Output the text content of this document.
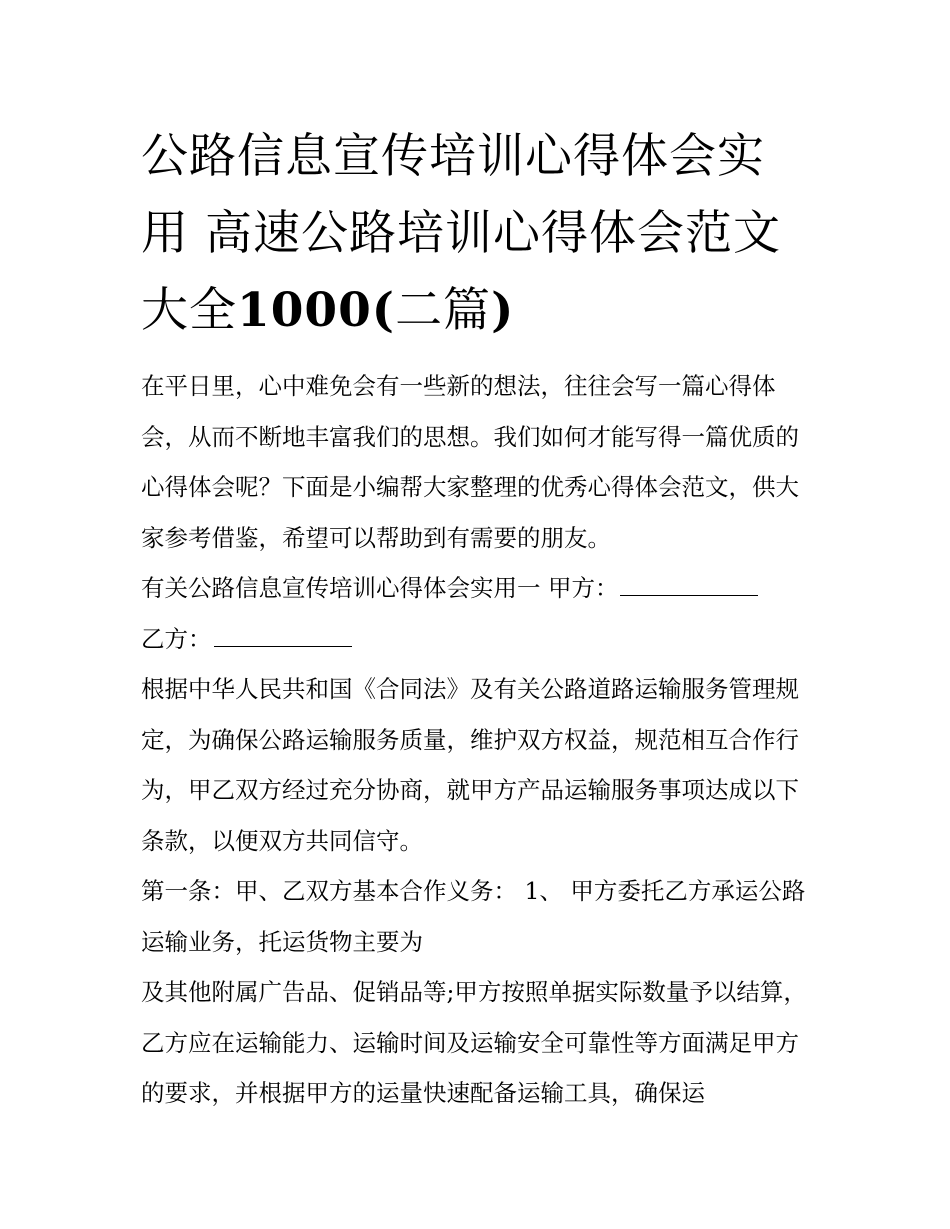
公路信息宣传培训心得体会实
用 高速公路培训心得体会范文
大全1000(二篇)

在平日里，心中难免会有一些新的想法，往往会写一篇心得体会，从而不断地丰富我们的思想。我们如何才能写得一篇优质的心得体会呢？下面是小编帮大家整理的优秀心得体会范文，供大家参考借鉴，希望可以帮助到有需要的朋友。

有关公路信息宣传培训心得体会实用一 甲方：

乙方：

根据中华人民共和国《合同法》及有关公路道路运输服务管理规定，为确保公路运输服务质量，维护双方权益，规范相互合作行为，甲乙双方经过充分协商，就甲方产品运输服务事项达成以下条款，以便双方共同信守。

第一条：甲、乙双方基本合作义务： 1、 甲方委托乙方承运公路运输业务，托运货物主要为

及其他附属广告品、促销品等;甲方按照单据实际数量予以结算，乙方应在运输能力、运输时间及运输安全可靠性等方面满足甲方的要求，并根据甲方的运量快速配备运输工具，确保运
